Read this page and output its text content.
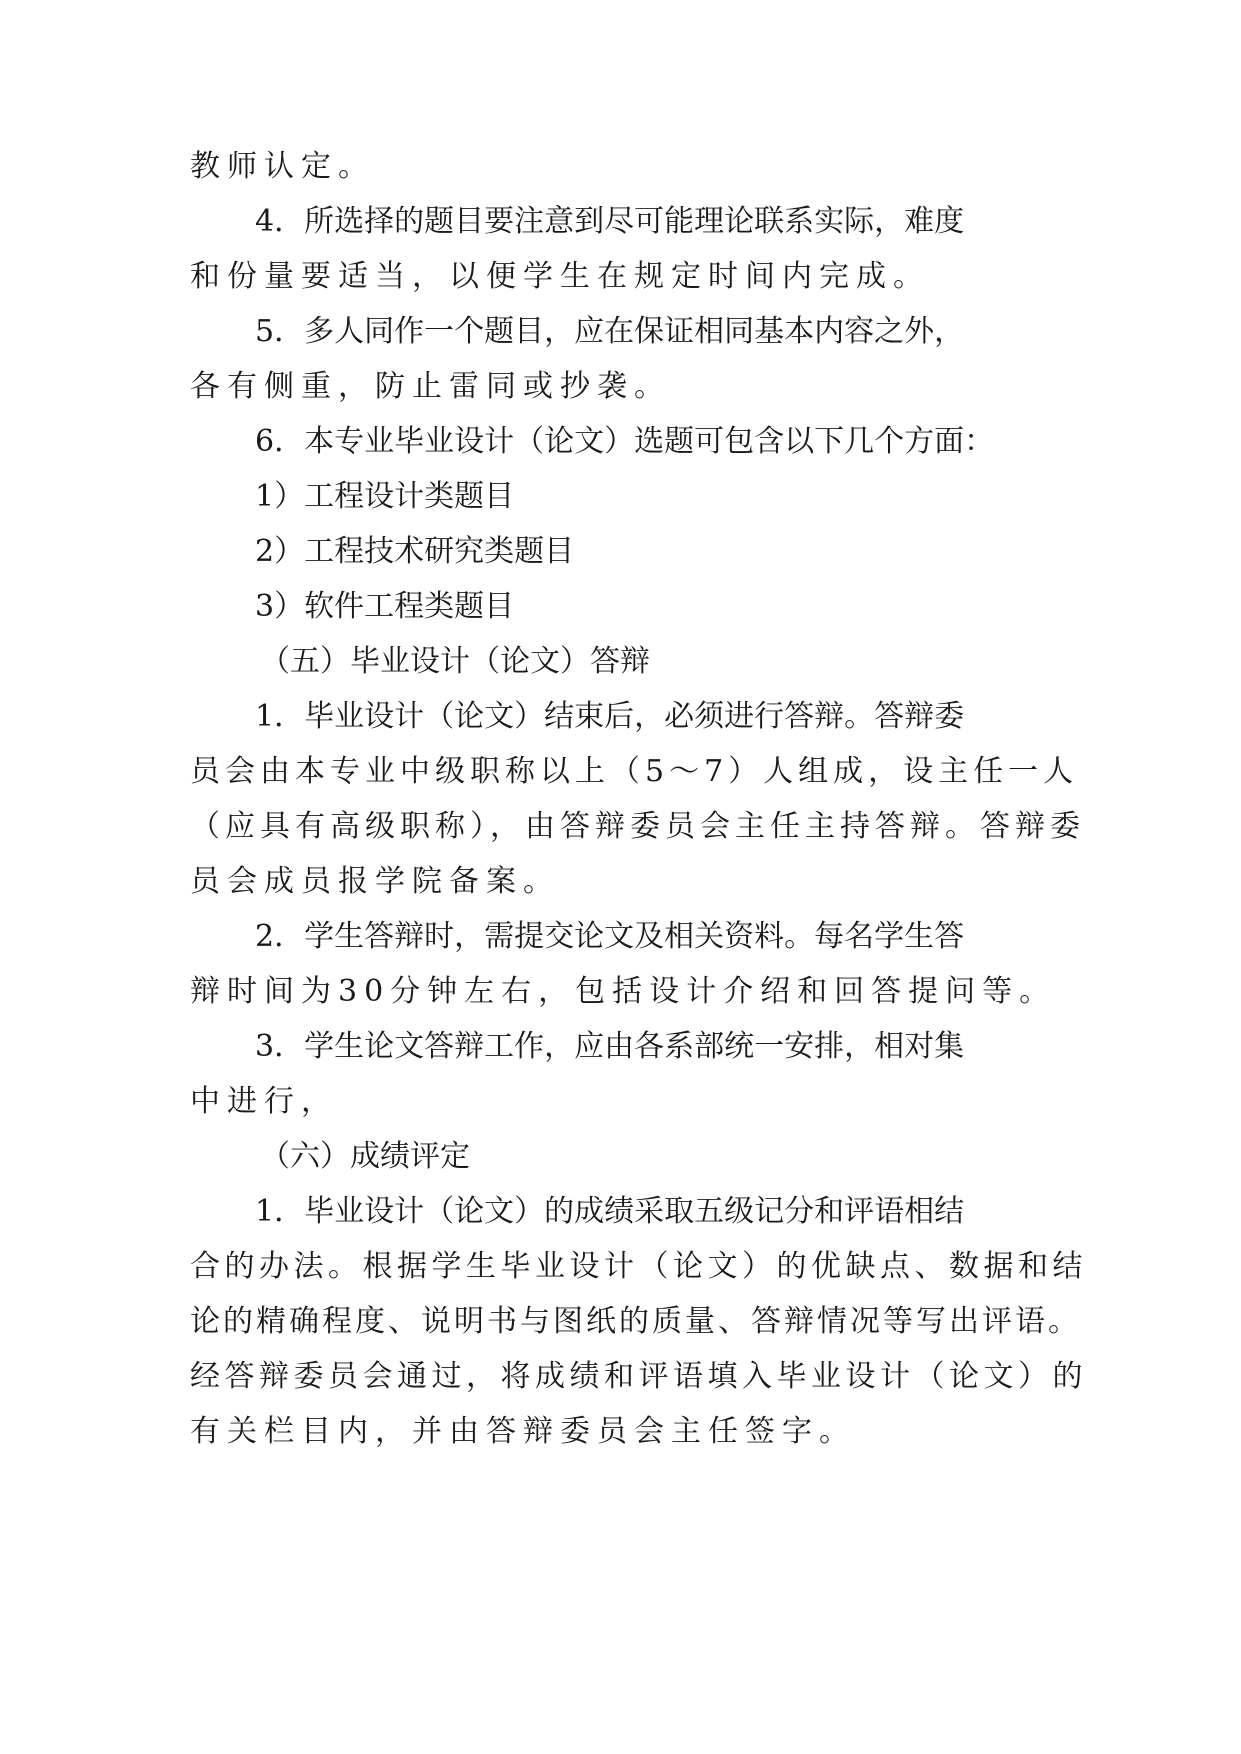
教师认定。
4．所选择的题目要注意到尽可能理论联系实际，难度
和份量要适当，以便学生在规定时间内完成。
5．多人同作一个题目，应在保证相同基本内容之外，
各有侧重，防止雷同或抄袭。
6．本专业毕业设计（论文）选题可包含以下几个方面：
1）工程设计类题目
2）工程技术研究类题目
3）软件工程类题目
（五）毕业设计（论文）答辩
1．毕业设计（论文）结束后，必须进行答辩。答辩委
员会由本专业中级职称以上（5～7）人组成，设主任一人
（应具有高级职称），由答辩委员会主任主持答辩。答辩委
员会成员报学院备案。
2．学生答辩时，需提交论文及相关资料。每名学生答
辩时间为30分钟左右，包括设计介绍和回答提问等。
3．学生论文答辩工作，应由各系部统一安排，相对集
中进行，
（六）成绩评定
1．毕业设计（论文）的成绩采取五级记分和评语相结
合的办法。根据学生毕业设计（论文）的优缺点、数据和结
论的精确程度、说明书与图纸的质量、答辩情况等写出评语。
经答辩委员会通过，将成绩和评语填入毕业设计（论文）的
有关栏目内，并由答辩委员会主任签字。
